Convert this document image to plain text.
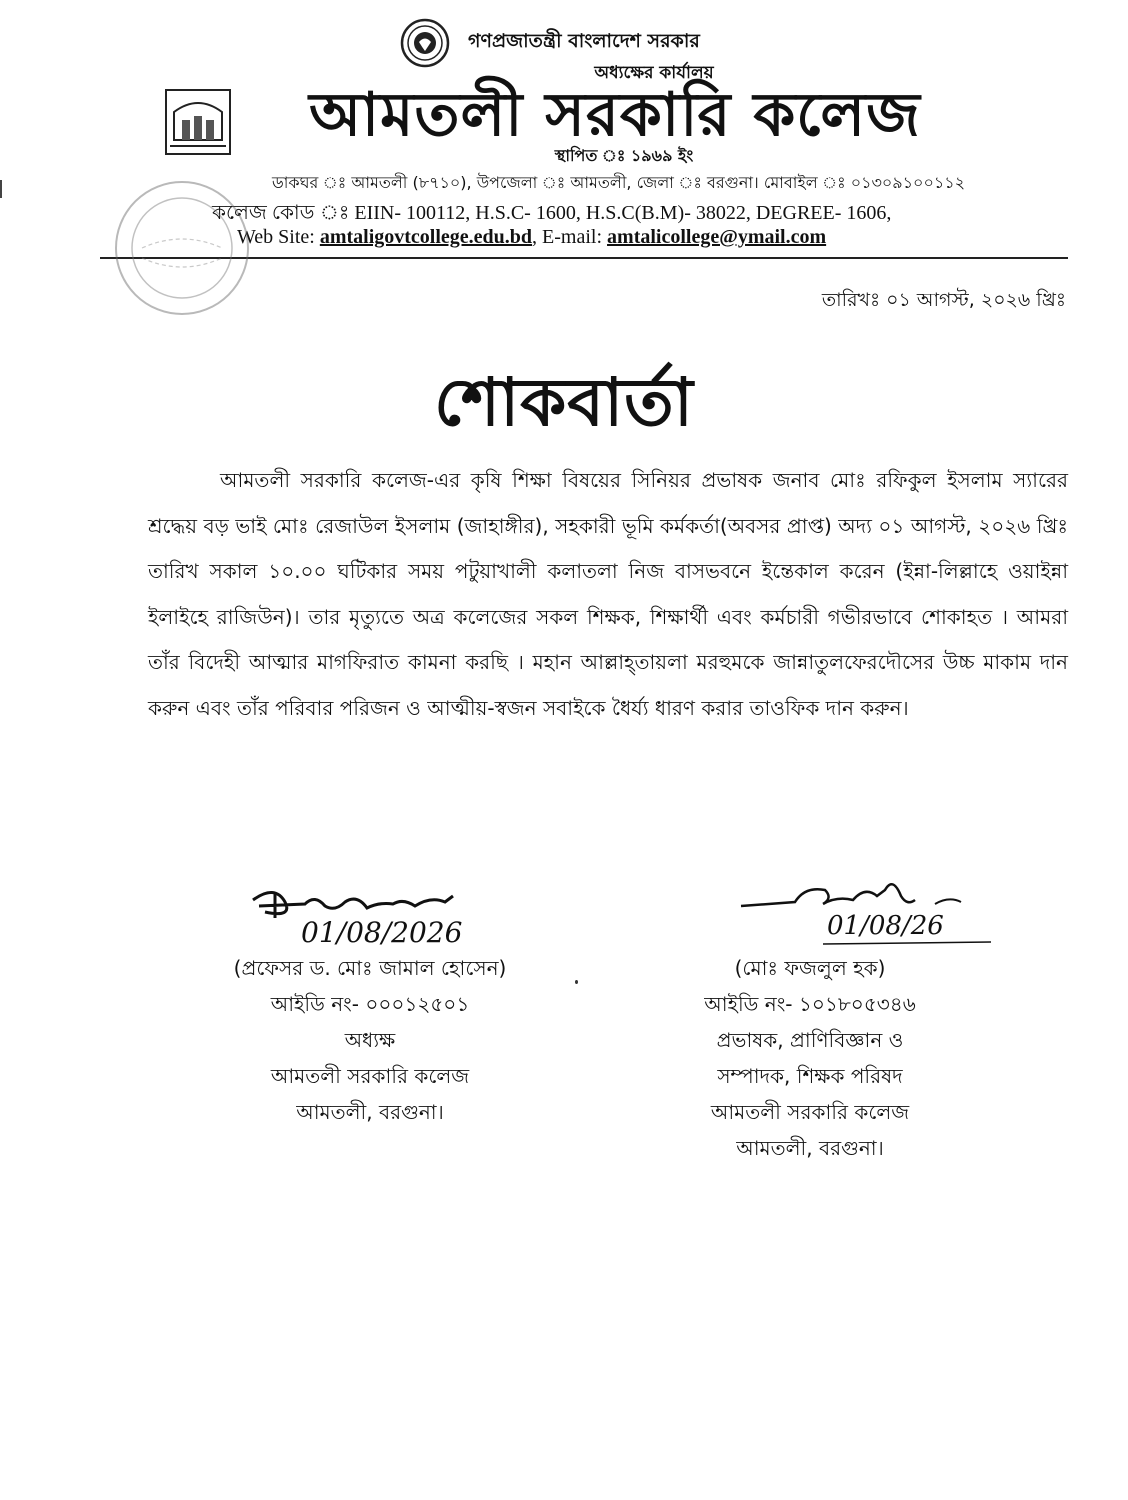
গণপ্রজাতন্ত্রী বাংলাদেশ সরকার
অধ্যক্ষের কার্যালয়
আমতলী সরকারি কলেজ
স্থাপিত ঃ ১৯৬৯ ইং
ডাকঘর ঃ আমতলী (৮৭১০), উপজেলা ঃ আমতলী, জেলা ঃ বরগুনা। মোবাইল ঃ ০১৩০৯১০০১১২
কলেজ কোড ঃ EIIN- 100112, H.S.C- 1600, H.S.C(B.M)- 38022, DEGREE- 1606,
Web Site: amtaligovtcollege.edu.bd, E-mail: amtalicollege@ymail.com
তারিখঃ ০১ আগস্ট, ২০২৬ খ্রিঃ
শোকবার্তা
আমতলী সরকারি কলেজ-এর কৃষি শিক্ষা বিষয়ের সিনিয়র প্রভাষক জনাব মোঃ রফিকুল ইসলাম স্যারের শ্রদ্ধেয় বড় ভাই মোঃ রেজাউল ইসলাম (জাহাঙ্গীর), সহকারী ভূমি কর্মকর্তা(অবসর প্রাপ্ত) অদ্য ০১ আগস্ট, ২০২৬ খ্রিঃ তারিখ সকাল ১০.০০ ঘটিকার সময় পটুয়াখালী কলাতলা নিজ বাসভবনে ইন্তেকাল করেন (ইন্না-লিল্লাহে ওয়াইন্না ইলাইহে রাজিউন)। তার মৃত্যুতে অত্র কলেজের সকল শিক্ষক, শিক্ষার্থী এবং কর্মচারী গভীরভাবে শোকাহত । আমরা তাঁর বিদেহী আত্মার মাগফিরাত কামনা করছি । মহান আল্লাহ্তায়লা মরহুমকে জান্নাতুলফেরদৌসের উচ্চ মাকাম দান করুন এবং তাঁর পরিবার পরিজন ও আত্মীয়-স্বজন সবাইকে ধৈর্য্য ধারণ করার তাওফিক দান করুন।
01/08/2026
(প্রফেসর ড. মোঃ জামাল হোসেন)
আইডি নং- ০০০১২৫০১
অধ্যক্ষ
আমতলী সরকারি কলেজ
আমতলী, বরগুনা।
01/08/26
(মোঃ ফজলুল হক)
আইডি নং- ১০১৮০৫৩৪৬
প্রভাষক, প্রাণিবিজ্ঞান ও
সম্পাদক, শিক্ষক পরিষদ
আমতলী সরকারি কলেজ
আমতলী, বরগুনা।
